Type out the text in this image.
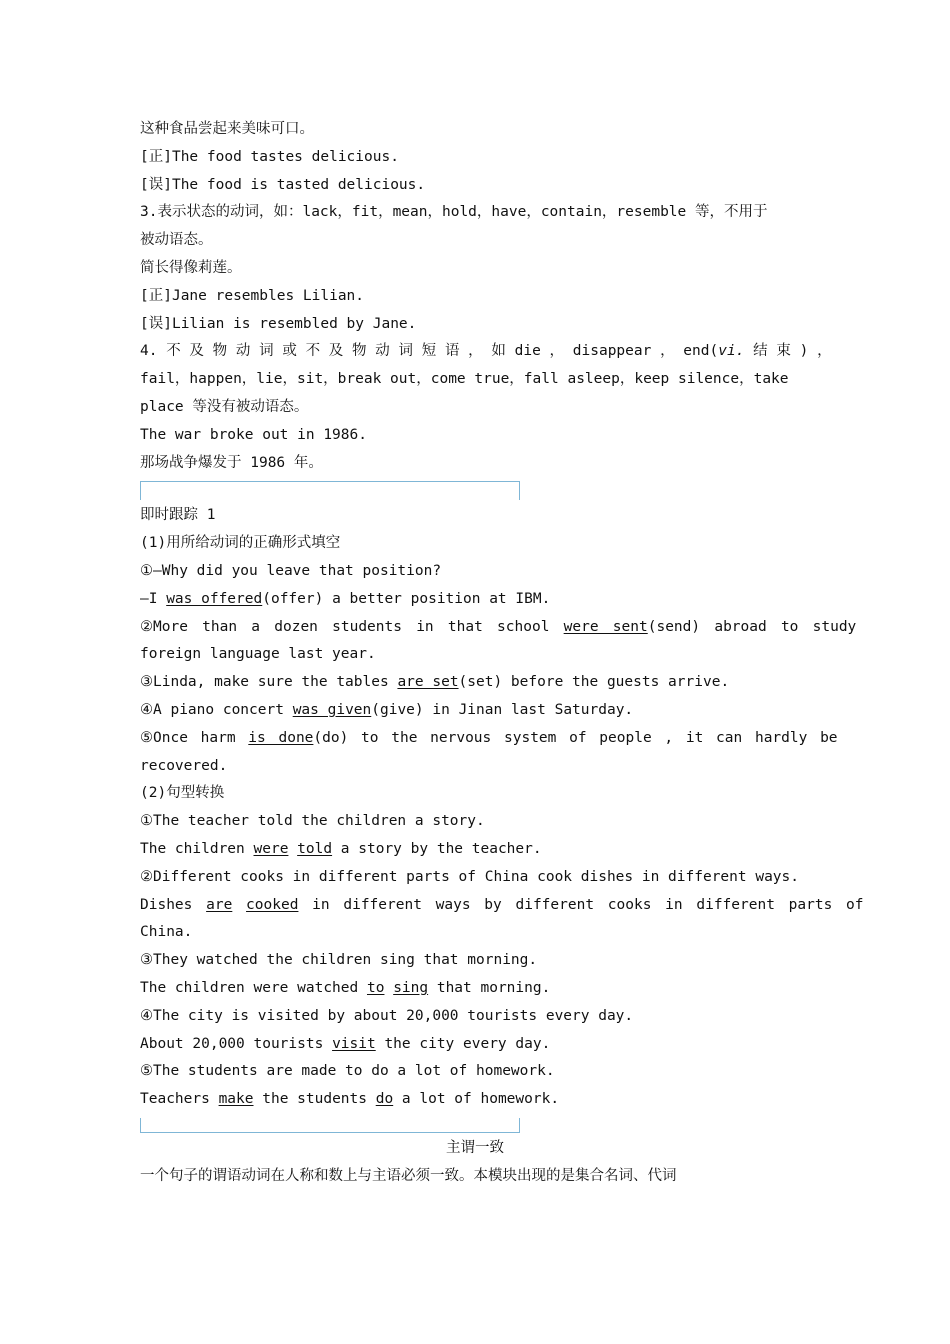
这种食品尝起来美味可口。
[正]The food tastes delicious.
[误]The food is tasted delicious.
3.表示状态的动词，如：lack，fit，mean，hold，have，contain，resemble 等，不用于
被动语态。
简长得像莉莲。
[正]Jane resembles Lilian.
[误]Lilian is resembled by Jane.
4. 不 及 物 动 词 或 不 及 物 动 词 短 语 ， 如 die ， disappear ， end(vi. 结 束 ) ，
fail，happen，lie，sit，break out，come true，fall asleep，keep silence，take
place 等没有被动语态。
The war broke out in 1986.
那场战争爆发于 1986 年。
即时跟踪 1
(1)用所给动词的正确形式填空
①—Why did you leave that position?
—I was offered(offer) a better position at IBM.
②More than a dozen students in that school were sent(send) abroad to study
foreign language last year.
③Linda, make sure the tables are set(set) before the guests arrive.
④A piano concert was given(give) in Jinan last Saturday.
⑤Once harm is done(do) to the nervous system of people , it can hardly be
recovered.
(2)句型转换
①The teacher told the children a story.
The children were told a story by the teacher.
②Different cooks in different parts of China cook dishes in different ways.
Dishes are cooked in different ways by different cooks in different parts of
China.
③They watched the children sing that morning.
The children were watched to sing that morning.
④The city is visited by about 20,000 tourists every day.
About 20,000 tourists visit the city every day.
⑤The students are made to do a lot of homework.
Teachers make the students do a lot of homework.
主谓一致
一个句子的谓语动词在人称和数上与主语必须一致。本模块出现的是集合名词、代词
